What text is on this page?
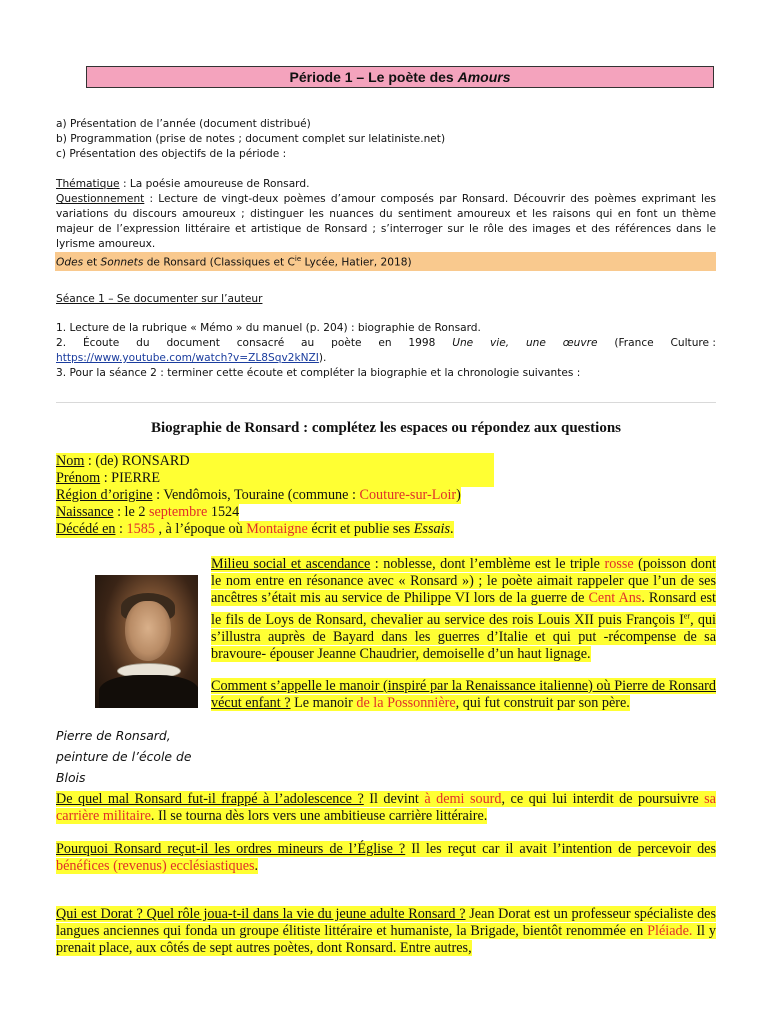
Période 1 – Le poète des Amours
a) Présentation de l’année (document distribué)
b) Programmation (prise de notes ; document complet sur lelatiniste.net)
c) Présentation des objectifs de la période :
Thématique : La poésie amoureuse de Ronsard.
Questionnement : Lecture de vingt-deux poèmes d’amour composés par Ronsard. Découvrir des poèmes exprimant les variations du discours amoureux ; distinguer les nuances du sentiment amoureux et les raisons qui en font un thème majeur de l’expression littéraire et artistique de Ronsard ; s’interroger sur le rôle des images et des références dans le lyrisme amoureux.
Odes et Sonnets de Ronsard (Classiques et $C^{ie}$ Lycée, Hatier, 2018)
Séance 1 – Se documenter sur l’auteur
1. Lecture de la rubrique « Mémo » du manuel (p. 204) : biographie de Ronsard.
2. Écoute du document consacré au poète en 1998 Une vie, une œuvre (France Culture :
https://www.youtube.com/watch?v=ZL8Sqv2kNZI).
3. Pour la séance 2 : terminer cette écoute et compléter la biographie et la chronologie suivantes :
Biographie de Ronsard : complétez les espaces ou répondez aux questions
Nom : (de) RONSARD
Prénom : PIERRE
Région d’origine : Vendômois, Touraine (commune : Couture-sur-Loir)
Naissance : le 2 septembre 1524
Décédé en : 1585 , à l’époque où Montaigne écrit et publie ses Essais.
Pierre de Ronsard, peinture de l’école de Blois
Milieu social et ascendance : noblesse, dont l’emblème est le triple rosse (poisson dont le nom entre en résonance avec « Ronsard ») ; le poète aimait rappeler que l’un de ses ancêtres s’était mis au service de Philippe VI lors de la guerre de Cent Ans. Ronsard est le fils de Loys de Ronsard, chevalier au service des rois Louis XII puis François Ier, qui s’illustra auprès de Bayard dans les guerres d’Italie et qui put -récompense de sa bravoure- épouser Jeanne Chaudrier, demoiselle d’un haut lignage.
Comment s’appelle le manoir (inspiré par la Renaissance italienne) où Pierre de Ronsard vécut enfant ? Le manoir de la Possonnière, qui fut construit par son père.
De quel mal Ronsard fut-il frappé à l’adolescence ? Il devint à demi sourd, ce qui lui interdit de poursuivre sa carrière militaire. Il se tourna dès lors vers une ambitieuse carrière littéraire.
Pourquoi Ronsard reçut-il les ordres mineurs de l’Église ? Il les reçut car il avait l’intention de percevoir des bénéfices (revenus) ecclésiastiques.
Qui est Dorat ? Quel rôle joua-t-il dans la vie du jeune adulte Ronsard ? Jean Dorat est un professeur spécialiste des langues anciennes qui fonda un groupe élitiste littéraire et humaniste, la Brigade, bientôt renommée en Pléiade. Il y prenait place, aux côtés de sept autres poètes, dont Ronsard. Entre autres,
